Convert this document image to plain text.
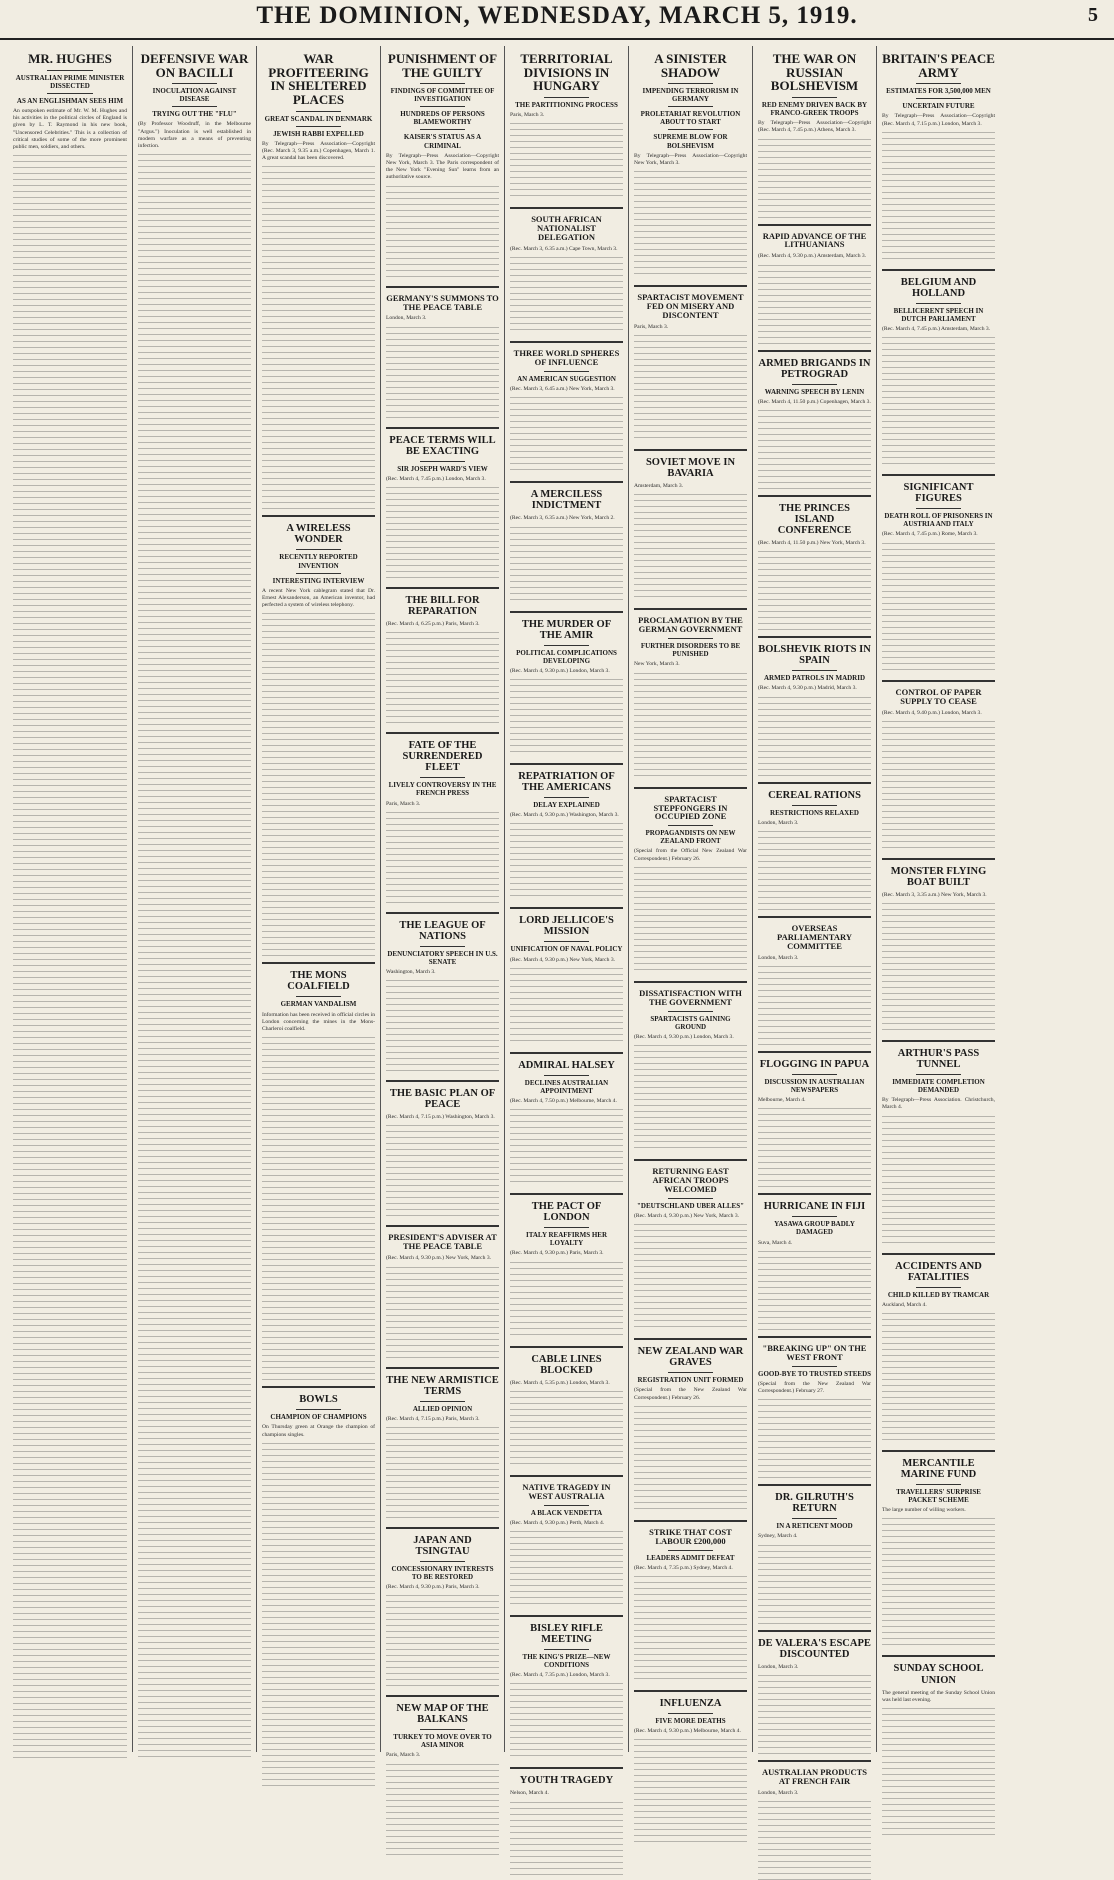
THE DOMINION, WEDNESDAY, MARCH 5, 1919.	5
MR. HUGHES
AUSTRALIAN PRIME MINISTER DISSECTED
AS AN ENGLISHMAN SEES HIM
An outspoken estimate of Mr. W. M. Hughes and his activities in the political circles of England is given by L. T. Raymond in his new book, "Uncensored Celebrities." This is a collection of critical studies of some of the more prominent public men, soldiers, and others.
DEFENSIVE WAR ON BACILLI
INOCULATION AGAINST DISEASE
TRYING OUT THE "FLU"
(By Professor Woodruff, in the Melbourne "Argus.") Inoculation is well established in modern warfare as a means of preventing infection.
WAR PROFITEERING IN SHELTERED PLACES
GREAT SCANDAL IN DENMARK
JEWISH RABBI EXPELLED
By Telegraph—Press Association—Copyright (Rec. March 3, 9.35 a.m.) Copenhagen, March 1. A great scandal has been discovered.
A WIRELESS WONDER
RECENTLY REPORTED INVENTION
INTERESTING INTERVIEW
A recent New York cablegram stated that Dr. Ernest Alexanderson, an American inventor, had perfected a system of wireless telephony.
THE MONS COALFIELD
GERMAN VANDALISM
Information has been received in official circles in London concerning the mines in the Mons-Charleroi coalfield.
BOWLS
CHAMPION OF CHAMPIONS
On Thursday green at Orange the champion of champions singles.
PUNISHMENT OF THE GUILTY
FINDINGS OF COMMITTEE OF INVESTIGATION
HUNDREDS OF PERSONS BLAMEWORTHY
KAISER'S STATUS AS A CRIMINAL
By Telegraph—Press Association—Copyright New York, March 3. The Paris correspondent of the New York "Evening Sun" learns from an authoritative source.
GERMANY'S SUMMONS TO THE PEACE TABLE
London, March 3.
PEACE TERMS WILL BE EXACTING
SIR JOSEPH WARD'S VIEW
(Rec. March 4, 7.45 p.m.) London, March 3.
THE BILL FOR REPARATION
(Rec. March 4, 6.25 p.m.) Paris, March 3.
FATE OF THE SURRENDERED FLEET
LIVELY CONTROVERSY IN THE FRENCH PRESS
Paris, March 3.
THE LEAGUE OF NATIONS
DENUNCIATORY SPEECH IN U.S. SENATE
Washington, March 3.
THE BASIC PLAN OF PEACE
(Rec. March 4, 7.15 p.m.) Washington, March 3.
PRESIDENT'S ADVISER AT THE PEACE TABLE
(Rec. March 4, 9.30 p.m.) New York, March 3.
THE NEW ARMISTICE TERMS
ALLIED OPINION
(Rec. March 4, 7.15 p.m.) Paris, March 3.
JAPAN AND TSINGTAU
CONCESSIONARY INTERESTS TO BE RESTORED
(Rec. March 4, 9.30 p.m.) Paris, March 3.
NEW MAP OF THE BALKANS
TURKEY TO MOVE OVER TO ASIA MINOR
Paris, March 3.
TERRITORIAL DIVISIONS IN HUNGARY
THE PARTITIONING PROCESS
Paris, March 3.
SOUTH AFRICAN NATIONALIST DELEGATION
(Rec. March 3, 6.35 a.m.) Cape Town, March 3.
THREE WORLD SPHERES OF INFLUENCE
AN AMERICAN SUGGESTION
(Rec. March 3, 6.45 a.m.) New York, March 3.
A MERCILESS INDICTMENT
(Rec. March 3, 6.35 a.m.) New York, March 2.
THE MURDER OF THE AMIR
POLITICAL COMPLICATIONS DEVELOPING
(Rec. March 4, 9.30 p.m.) London, March 3.
REPATRIATION OF THE AMERICANS
DELAY EXPLAINED
(Rec. March 4, 9.30 p.m.) Washington, March 3.
LORD JELLICOE'S MISSION
UNIFICATION OF NAVAL POLICY
(Rec. March 4, 9.30 p.m.) New York, March 3.
ADMIRAL HALSEY
DECLINES AUSTRALIAN APPOINTMENT
(Rec. March 4, 7.50 p.m.) Melbourne, March 4.
THE PACT OF LONDON
ITALY REAFFIRMS HER LOYALTY
(Rec. March 4, 9.30 p.m.) Paris, March 3.
CABLE LINES BLOCKED
(Rec. March 4, 5.35 p.m.) London, March 3.
NATIVE TRAGEDY IN WEST AUSTRALIA
A BLACK VENDETTA
(Rec. March 4, 9.30 p.m.) Perth, March 4.
BISLEY RIFLE MEETING
THE KING'S PRIZE—NEW CONDITIONS
(Rec. March 4, 7.35 p.m.) London, March 3.
YOUTH TRAGEDY
Nelson, March 4.
A SINISTER SHADOW
IMPENDING TERRORISM IN GERMANY
PROLETARIAT REVOLUTION ABOUT TO START
SUPREME BLOW FOR BOLSHEVISM
By Telegraph—Press Association—Copyright New York, March 3.
SPARTACIST MOVEMENT FED ON MISERY AND DISCONTENT
Paris, March 3.
SOVIET MOVE IN BAVARIA
Amsterdam, March 3.
PROCLAMATION BY THE GERMAN GOVERNMENT
FURTHER DISORDERS TO BE PUNISHED
New York, March 3.
SPARTACIST STEPFONGERS IN OCCUPIED ZONE
PROPAGANDISTS ON NEW ZEALAND FRONT
(Special from the Official New Zealand War Correspondent.) February 26.
DISSATISFACTION WITH THE GOVERNMENT
SPARTACISTS GAINING GROUND
(Rec. March 4, 9.30 p.m.) London, March 3.
RETURNING EAST AFRICAN TROOPS WELCOMED
"DEUTSCHLAND UBER ALLES"
(Rec. March 4, 9.30 p.m.) New York, March 3.
NEW ZEALAND WAR GRAVES
REGISTRATION UNIT FORMED
(Special from the New Zealand War Correspondent.) February 26.
STRIKE THAT COST LABOUR £200,000
LEADERS ADMIT DEFEAT
(Rec. March 4, 7.35 p.m.) Sydney, March 4.
INFLUENZA
FIVE MORE DEATHS
(Rec. March 4, 9.30 p.m.) Melbourne, March 4.
THE WAR ON RUSSIAN BOLSHEVISM
RED ENEMY DRIVEN BACK BY FRANCO-GREEK TROOPS
By Telegraph—Press Association—Copyright (Rec. March 4, 7.45 p.m.) Athens, March 3.
RAPID ADVANCE OF THE LITHUANIANS
(Rec. March 4, 9.30 p.m.) Amsterdam, March 3.
ARMED BRIGANDS IN PETROGRAD
WARNING SPEECH BY LENIN
(Rec. March 4, 11.50 p.m.) Copenhagen, March 3.
THE PRINCES ISLAND CONFERENCE
(Rec. March 4, 11.50 p.m.) New York, March 3.
BOLSHEVIK RIOTS IN SPAIN
ARMED PATROLS IN MADRID
(Rec. March 4, 9.30 p.m.) Madrid, March 3.
CEREAL RATIONS
RESTRICTIONS RELAXED
London, March 3.
OVERSEAS PARLIAMENTARY COMMITTEE
London, March 3.
FLOGGING IN PAPUA
DISCUSSION IN AUSTRALIAN NEWSPAPERS
Melbourne, March 4.
HURRICANE IN FIJI
YASAWA GROUP BADLY DAMAGED
Suva, March 4.
"BREAKING UP" ON THE WEST FRONT
GOOD-BYE TO TRUSTED STEEDS
(Special from the New Zealand War Correspondent.) February 27.
DR. GILRUTH'S RETURN
IN A RETICENT MOOD
Sydney, March 4.
DE VALERA'S ESCAPE DISCOUNTED
London, March 3.
AUSTRALIAN PRODUCTS AT FRENCH FAIR
London, March 3.
BRITAIN'S PEACE ARMY
ESTIMATES FOR 3,500,000 MEN
UNCERTAIN FUTURE
By Telegraph—Press Association—Copyright (Rec. March 4, 7.15 p.m.) London, March 3.
BELGIUM AND HOLLAND
BELLICERENT SPEECH IN DUTCH PARLIAMENT
(Rec. March 4, 7.45 p.m.) Amsterdam, March 3.
SIGNIFICANT FIGURES
DEATH ROLL OF PRISONERS IN AUSTRIA AND ITALY
(Rec. March 4, 7.45 p.m.) Rome, March 3.
CONTROL OF PAPER SUPPLY TO CEASE
(Rec. March 4, 9.40 p.m.) London, March 3.
MONSTER FLYING BOAT BUILT
(Rec. March 3, 3.35 a.m.) New York, March 3.
ARTHUR'S PASS TUNNEL
IMMEDIATE COMPLETION DEMANDED
By Telegraph—Press Association. Christchurch, March 4.
ACCIDENTS AND FATALITIES
CHILD KILLED BY TRAMCAR
Auckland, March 4.
MERCANTILE MARINE FUND
TRAVELLERS' SURPRISE PACKET SCHEME
The large number of willing workers.
SUNDAY SCHOOL UNION
The general meeting of the Sunday School Union was held last evening.
